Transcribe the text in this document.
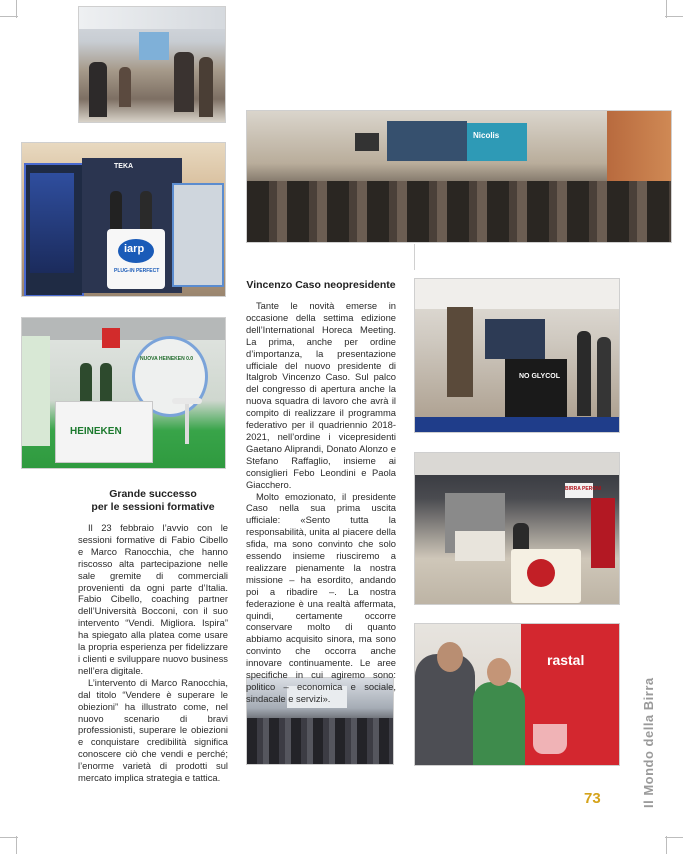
iarp
PLUG-IN PERFECT
TEKA
NUOVA HEINEKEN 0.0
HEINEKEN
Nicolis
NO GLYCOL
BIRRA PERONI
rastal
Vincenzo Caso neopresidente

Tante le novità emerse in occasione della settima edizione dell’International Horeca Meeting. La prima, anche per ordine d’importanza, la presentazione ufficiale del nuovo presidente di Italgrob Vincenzo Caso. Sul palco del congresso di apertura anche la nuova squadra di lavoro che avrà il compito di realizzare il programma federativo per il quadriennio 2018-2021, nell’ordine i vicepresidenti Gaetano Aliprandi, Donato Alonzo e Stefano Raffaglio, insieme ai consiglieri Febo Leondini e Paola Giacchero.

Molto emozionato, il presidente Caso nella sua prima uscita ufficiale: «Sento tutta la responsabilità, unita al piacere della sfida, ma sono convinto che solo essendo insieme riusciremo a realizzare pienamente la nostra missione – ha esordito, andando poi a ribadire –. La nostra federazione è una realtà affermata, quindi, certamente occorre conservare molto di quanto abbiamo acquisito sinora, ma sono convinto che occorra anche innovare continuamente. Le aree specifiche in cui agiremo sono: politico – economica e sociale, sindacale e servizi».

Grande successo
per le sessioni formative

Il 23 febbraio l’avvio con le sessioni formative di Fabio Cibello e Marco Ranocchia, che hanno riscosso alta partecipazione nelle sale gremite di commerciali provenienti da ogni parte d’Italia. Fabio Cibello, coaching partner dell’Università Bocconi, con il suo intervento “Vendi. Migliora. Ispira” ha spiegato alla platea come usare la propria esperienza per fidelizzare i clienti e sviluppare nuovo business nell’era digitale.

L’intervento di Marco Ranocchia, dal titolo “Vendere è superare le obiezioni” ha illustrato come, nel nuovo scenario di bravi professionisti, superare le obiezioni e conquistare credibilità significa conoscere ciò che vendi e perché; l’enorme varietà di prodotti sul mercato implica strategia e tattica.

73	Il Mondo della Birra
